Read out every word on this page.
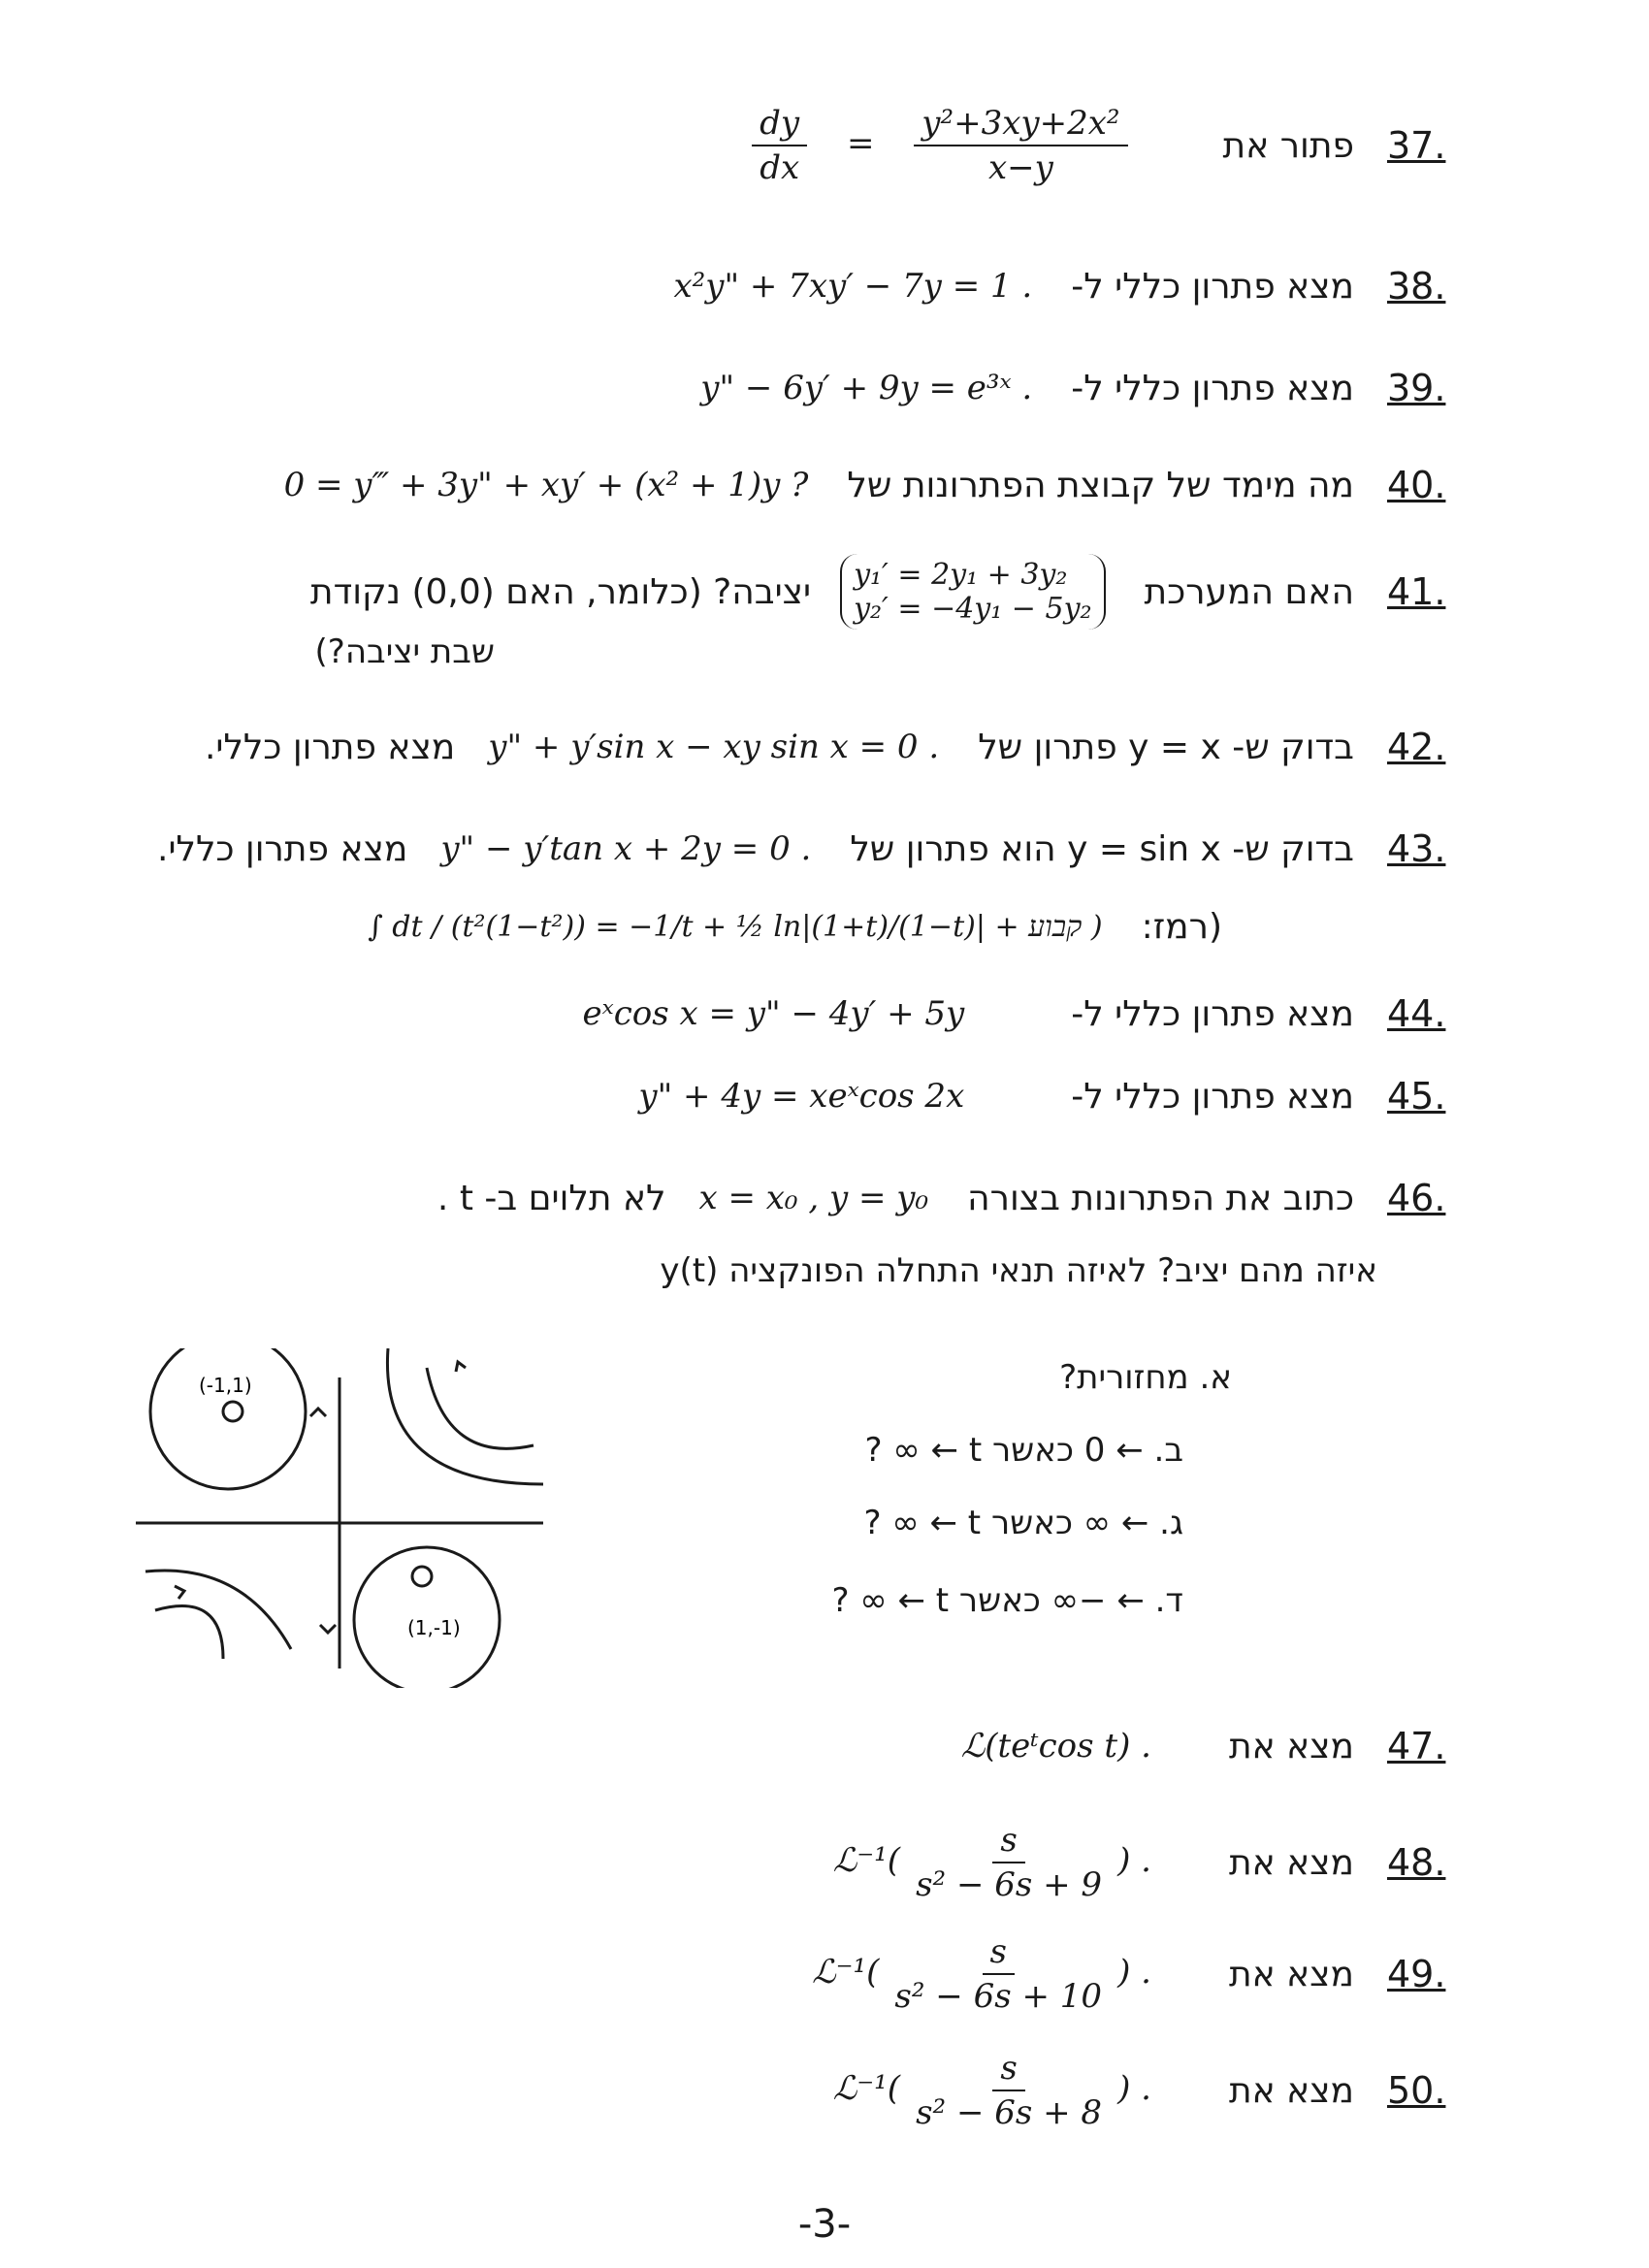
37.
פתור את
$\frac{dy}{dx} = \frac{\text{y²+3xy+2x²}}{x-y}$
38.
מצא פתרון כללי ל-
x²y" + 7xy′ − 7y = 1 .
39.
מצא פתרון כללי ל-
y" − 6y′ + 9y = e³ˣ .
40.
מה מימד של קבוצת הפתרונות של
0 = y‴ + 3y" + xy′ + (x² + 1)y ?
41.
האם המערכת
y₁′ = 2y₁ + 3y₂
y₂′ = −4y₁ − 5y₂
יציבה? (כלומר, האם (0,0) נקודת
שבת יציבה?)
42.
בדוק ש- y = x פתרון של
y" + y′sin x − xy sin x = 0 .
מצא פתרון כללי.
43.
בדוק ש- y = sin x הוא פתרון של
y" − y′tan x + 2y = 0 .
מצא פתרון כללי.
(רמז:
∫ dt / (t²(1−t²)) = −1/t + ½ ln|(1+t)/(1−t)| + קבוע )
44.
מצא פתרון כללי ל-
eˣcos x = y" − 4y′ + 5y
45.
מצא פתרון כללי ל-
y" + 4y = xeˣcos 2x
46.
כתוב את הפתרונות בצורה
x = x₀ , y = y₀
לא תלוים ב- t .
איזה מהם יציב? לאיזה תנאי התחלה הפונקציה y(t)
א. מחזורית?
ב. ← 0 כאשר t ← ∞ ?
ג. ← ∞ כאשר t ← ∞ ?
ד. ← −∞ כאשר t ← ∞ ?
(-1,1)
(1,-1)
47.
מצא את
ℒ(teᵗcos t) .
48.
מצא את
ℒ⁻¹( $\frac{s}{\text{s² − 6s + 9}}$ ) .
49.
מצא את
ℒ⁻¹( $\frac{s}{\text{s² − 6s + 10}}$ ) .
50.
מצא את
ℒ⁻¹( $\frac{s}{\text{s² − 6s + 8}}$ ) .
-3-
